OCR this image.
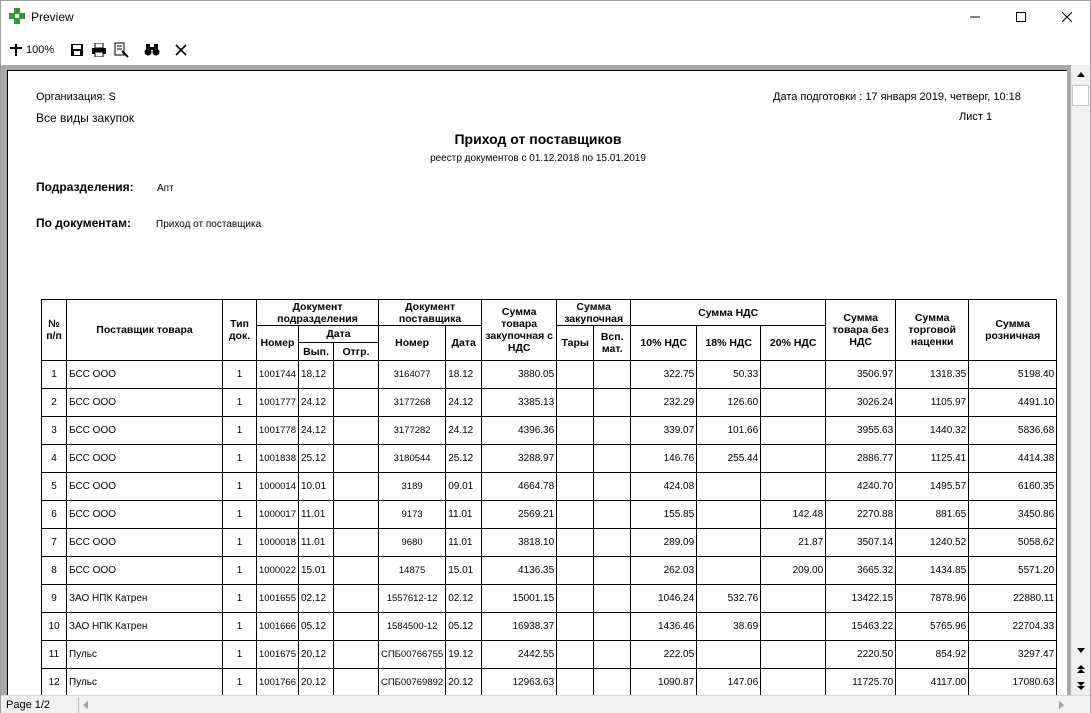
Preview
100%
Организация: S	Дата подготовки : 17 января 2019, четверг, 10:18
Все виды закупок	Лист 1
Приход от поставщиков
реестр документов с 01.12.2018 по 15.01.2019
Подразделения: Апт
По документам:	Приход от поставщика
№ п/п	Поставщик товара	Тип док.	Документ подразделения			Документ поставщика		Сумма товара закупочная с НДС	Сумма закупочная		Сумма НДС			Сумма товара без НДС	Сумма торговой наценки	Сумма розничная
			Номер	Дата		Номер	Дата		Тары	Всп. мат.	10% НДС	18% НДС	20% НДС			
				Вып.	Отгр.											
1	БСС ООО	1	1001744	18.12		3164077	18.12	3880.05			322.75	50.33		3506.97	1318.35	5198.40
2	БСС ООО	1	1001777	24.12		3177268	24.12	3385.13			232.29	126.60		3026.24	1105.97	4491.10
3	БСС ООО	1	1001778	24.12		3177282	24.12	4396.36			339.07	101.66		3955.63	1440.32	5836.68
4	БСС ООО	1	1001838	25.12		3180544	25.12	3288.97			146.76	255.44		2886.77	1125.41	4414.38
5	БСС ООО	1	1000014	10.01		3189	09.01	4664.78			424.08			4240.70	1495.57	6160.35
6	БСС ООО	1	1000017	11.01		9173	11.01	2569.21			155.85		142.48	2270.88	881.65	3450.86
7	БСС ООО	1	1000018	11.01		9680	11.01	3818.10			289.09		21.87	3507.14	1240.52	5058.62
8	БСС ООО	1	1000022	15.01		14875	15.01	4136.35			262.03		209.00	3665.32	1434.85	5571.20
9	ЗАО НПК Катрен	1	1001655	02.12		1557612-12	02.12	15001.15			1046.24	532.76		13422.15	7878.96	22880.11
10	ЗАО НПК Катрен	1	1001666	05.12		1584500-12	05.12	16938.37			1436.46	38.69		15463.22	5765.96	22704.33
11	Пульс	1	1001675	20.12		СПБ00766755	19.12	2442.55			222.05			2220.50	854.92	3297.47
12	Пульс	1	1001766	20.12		СПБ00769892	20.12	12963.63			1090.87	147.06		11725.70	4117.00	17080.63
Page 1/2
